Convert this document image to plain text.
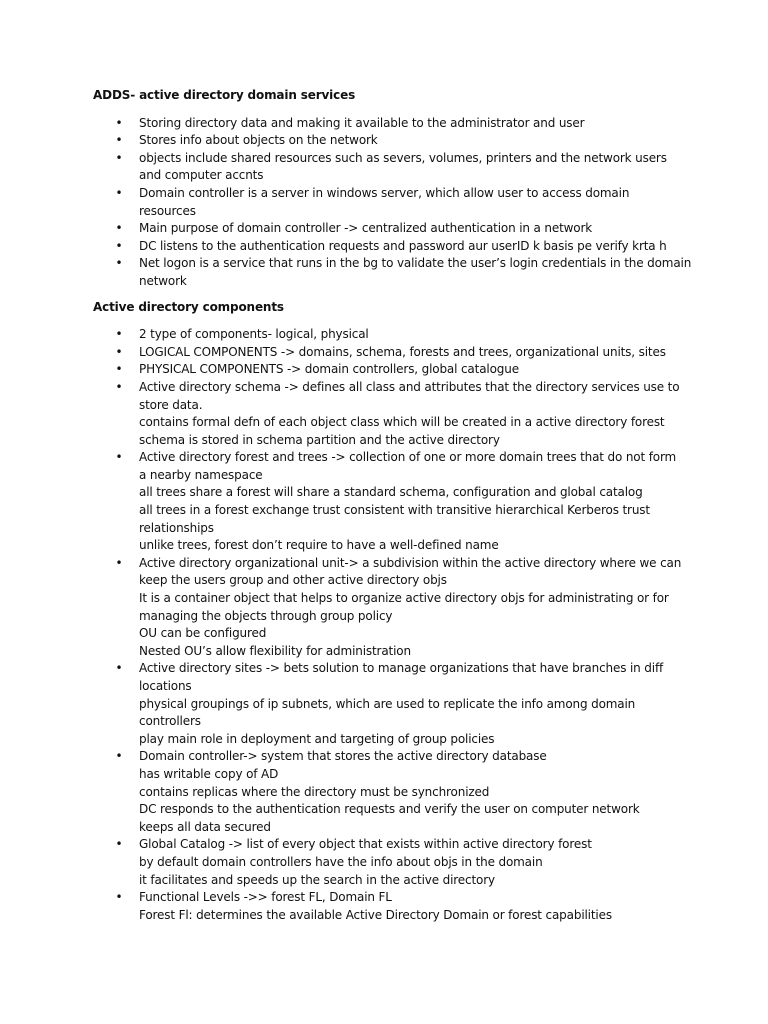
ADDS- active directory domain services
• Storing directory data and making it available to the administrator and user
• Stores info about objects on the network
• objects include shared resources such as severs, volumes, printers and the network users
and computer accnts
• Domain controller is a server in windows server, which allow user to access domain
resources
• Main purpose of domain controller -> centralized authentication in a network
• DC listens to the authentication requests and password aur userID k basis pe verify krta h
• Net logon is a service that runs in the bg to validate the user’s login credentials in the domain
network
Active directory components
• 2 type of components- logical, physical
• LOGICAL COMPONENTS -> domains, schema, forests and trees, organizational units, sites
• PHYSICAL COMPONENTS -> domain controllers, global catalogue
• Active directory schema -> defines all class and attributes that the directory services use to
store data.
contains formal defn of each object class which will be created in a active directory forest
schema is stored in schema partition and the active directory
• Active directory forest and trees -> collection of one or more domain trees that do not form
a nearby namespace
all trees share a forest will share a standard schema, configuration and global catalog
all trees in a forest exchange trust consistent with transitive hierarchical Kerberos trust
relationships
unlike trees, forest don’t require to have a well-defined name
• Active directory organizational unit-> a subdivision within the active directory where we can
keep the users group and other active directory objs
It is a container object that helps to organize active directory objs for administrating or for
managing the objects through group policy
OU can be configured
Nested OU’s allow flexibility for administration
• Active directory sites -> bets solution to manage organizations that have branches in diff
locations
physical groupings of ip subnets, which are used to replicate the info among domain
controllers
play main role in deployment and targeting of group policies
• Domain controller-> system that stores the active directory database
has writable copy of AD
contains replicas where the directory must be synchronized
DC responds to the authentication requests and verify the user on computer network
keeps all data secured
• Global Catalog -> list of every object that exists within active directory forest
by default domain controllers have the info about objs in the domain
it facilitates and speeds up the search in the active directory
• Functional Levels ->> forest FL, Domain FL
Forest Fl: determines the available Active Directory Domain or forest capabilities
